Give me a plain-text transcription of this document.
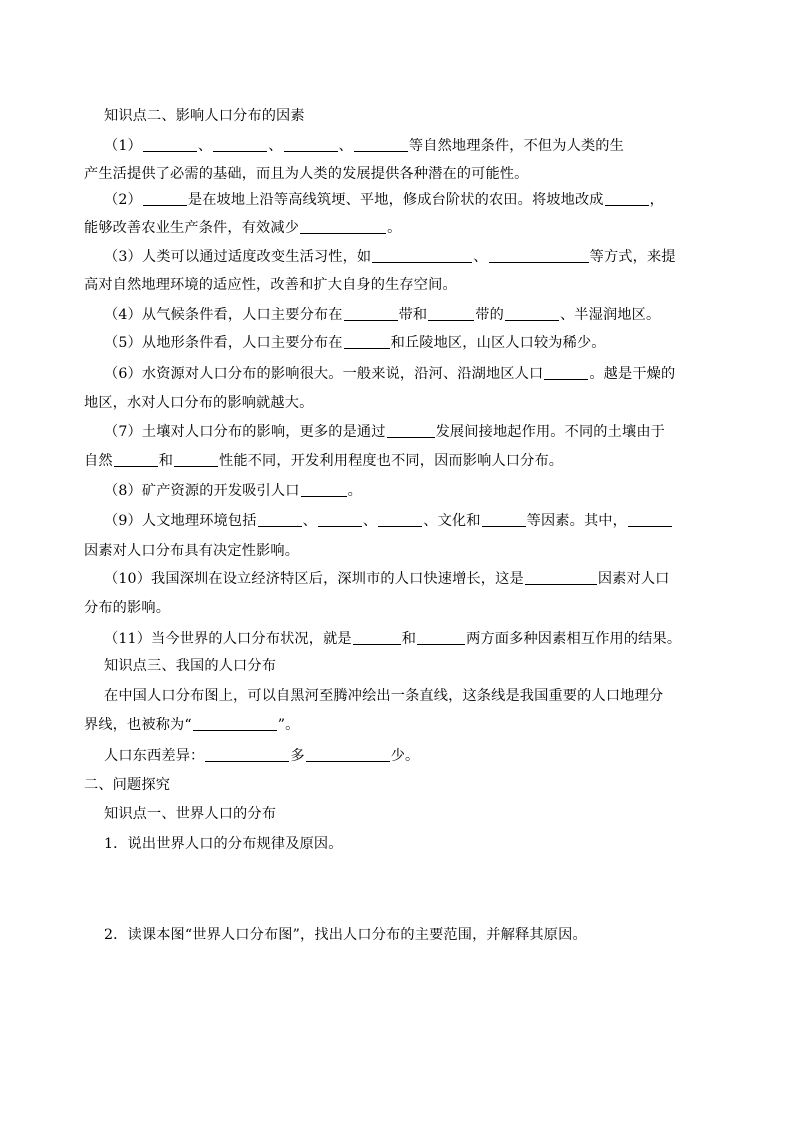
知识点二、影响人口分布的因素
（1）	、	、	、	等自然地理条件，不但为人类的生
产生活提供了必需的基础，而且为人类的发展提供各种潜在的可能性。
（2）	是在坡地上沿等高线筑埂、平地，修成台阶状的农田。将坡地改成	，
能够改善农业生产条件，有效减少	。
（3）人类可以通过适度改变生活习性，如	、	等方式，来提
高对自然地理环境的适应性，改善和扩大自身的生存空间。
（4）从气候条件看，人口主要分布在	带和	带的	、半湿润地区。
（5）从地形条件看，人口主要分布在	和丘陵地区，山区人口较为稀少。
（6）水资源对人口分布的影响很大。一般来说，沿河、沿湖地区人口	。越是干燥的
地区，水对人口分布的影响就越大。
（7）土壤对人口分布的影响，更多的是通过	发展间接地起作用。不同的土壤由于
自然	和	性能不同，开发利用程度也不同，因而影响人口分布。
（8）矿产资源的开发吸引人口	。
（9）人文地理环境包括	、	、	、文化和	等因素。其中，
因素对人口分布具有决定性影响。
（10）我国深圳在设立经济特区后，深圳市的人口快速增长，这是	因素对人口
分布的影响。
（11）当今世界的人口分布状况，就是	和	两方面多种因素相互作用的结果。
知识点三、我国的人口分布
在中国人口分布图上，可以自黑河至腾冲绘出一条直线，这条线是我国重要的人口地理分
界线，也被称为“	”。
人口东西差异：	多	少。
二、问题探究
知识点一、世界人口的分布
1．说出世界人口的分布规律及原因。
2．读课本图“世界人口分布图”，找出人口分布的主要范围，并解释其原因。
